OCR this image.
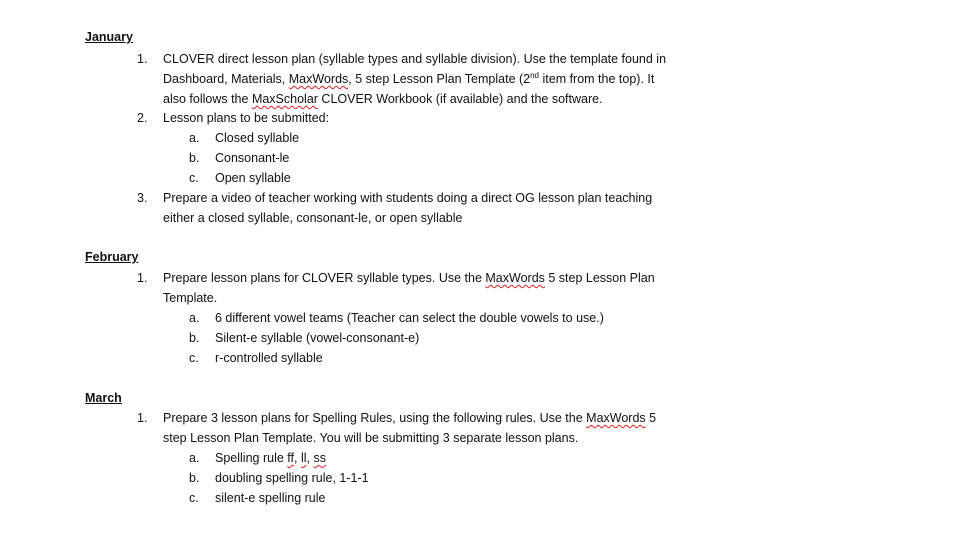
January
1. CLOVER direct lesson plan (syllable types and syllable division). Use the template found in
Dashboard, Materials, MaxWords, 5 step Lesson Plan Template (2nd item from the top). It
also follows the MaxScholar CLOVER Workbook (if available) and the software.
2. Lesson plans to be submitted:
a. Closed syllable
b. Consonant-le
c. Open syllable
3. Prepare a video of teacher working with students doing a direct OG lesson plan teaching
either a closed syllable, consonant-le, or open syllable
February
1. Prepare lesson plans for CLOVER syllable types. Use the MaxWords 5 step Lesson Plan
Template.
a. 6 different vowel teams (Teacher can select the double vowels to use.)
b. Silent-e syllable (vowel-consonant-e)
c. r-controlled syllable
March
1. Prepare 3 lesson plans for Spelling Rules, using the following rules. Use the MaxWords 5
step Lesson Plan Template. You will be submitting 3 separate lesson plans.
a. Spelling rule ff, ll, ss
b. doubling spelling rule, 1-1-1
c. silent-e spelling rule
